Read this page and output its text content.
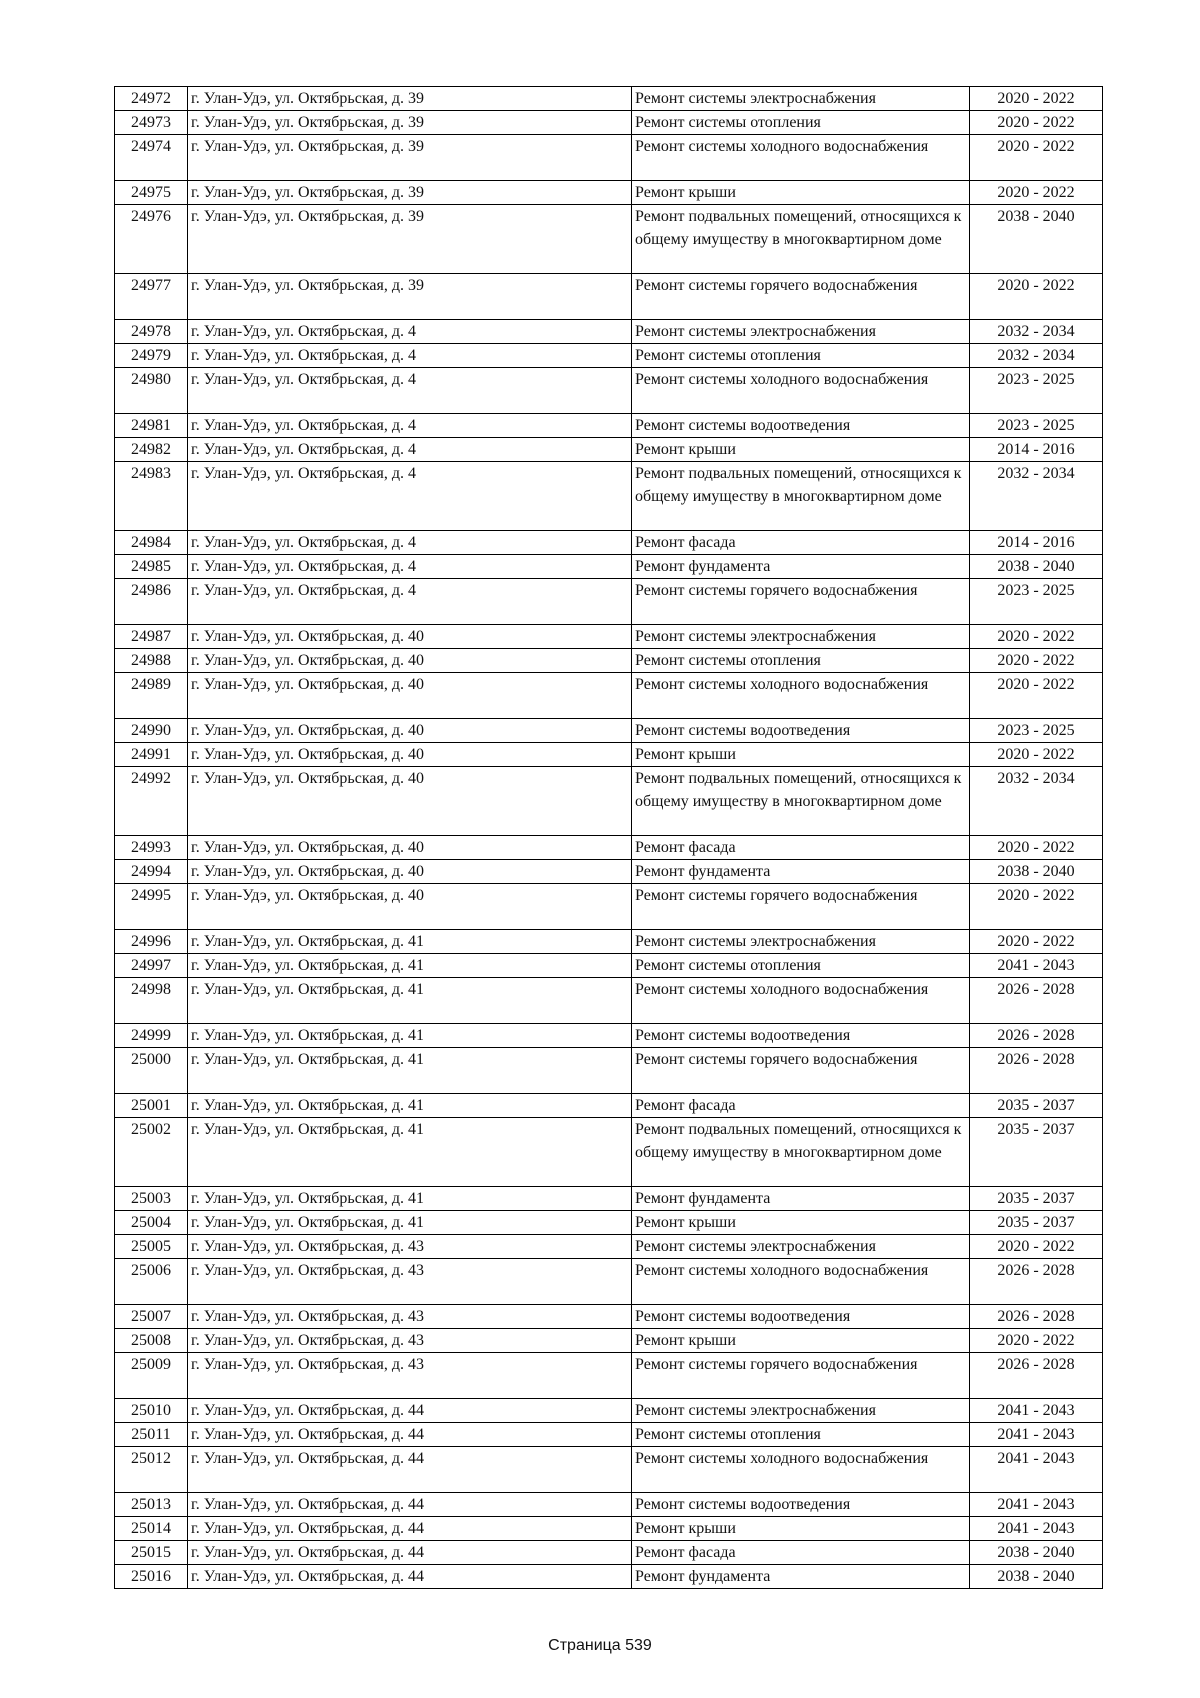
24972	г. Улан-Удэ, ул. Октябрьская, д. 39	Ремонт системы электроснабжения	2020 - 2022
24973	г. Улан-Удэ, ул. Октябрьская, д. 39	Ремонт системы отопления	2020 - 2022
24974	г. Улан-Удэ, ул. Октябрьская, д. 39	Ремонт системы холодного водоснабжения	2020 - 2022
24975	г. Улан-Удэ, ул. Октябрьская, д. 39	Ремонт крыши	2020 - 2022
24976	г. Улан-Удэ, ул. Октябрьская, д. 39	Ремонт подвальных помещений, относящихся к общему имуществу в многоквартирном доме	2038 - 2040
24977	г. Улан-Удэ, ул. Октябрьская, д. 39	Ремонт системы горячего водоснабжения	2020 - 2022
24978	г. Улан-Удэ, ул. Октябрьская, д. 4	Ремонт системы электроснабжения	2032 - 2034
24979	г. Улан-Удэ, ул. Октябрьская, д. 4	Ремонт системы отопления	2032 - 2034
24980	г. Улан-Удэ, ул. Октябрьская, д. 4	Ремонт системы холодного водоснабжения	2023 - 2025
24981	г. Улан-Удэ, ул. Октябрьская, д. 4	Ремонт системы водоотведения	2023 - 2025
24982	г. Улан-Удэ, ул. Октябрьская, д. 4	Ремонт крыши	2014 - 2016
24983	г. Улан-Удэ, ул. Октябрьская, д. 4	Ремонт подвальных помещений, относящихся к общему имуществу в многоквартирном доме	2032 - 2034
24984	г. Улан-Удэ, ул. Октябрьская, д. 4	Ремонт фасада	2014 - 2016
24985	г. Улан-Удэ, ул. Октябрьская, д. 4	Ремонт фундамента	2038 - 2040
24986	г. Улан-Удэ, ул. Октябрьская, д. 4	Ремонт системы горячего водоснабжения	2023 - 2025
24987	г. Улан-Удэ, ул. Октябрьская, д. 40	Ремонт системы электроснабжения	2020 - 2022
24988	г. Улан-Удэ, ул. Октябрьская, д. 40	Ремонт системы отопления	2020 - 2022
24989	г. Улан-Удэ, ул. Октябрьская, д. 40	Ремонт системы холодного водоснабжения	2020 - 2022
24990	г. Улан-Удэ, ул. Октябрьская, д. 40	Ремонт системы водоотведения	2023 - 2025
24991	г. Улан-Удэ, ул. Октябрьская, д. 40	Ремонт крыши	2020 - 2022
24992	г. Улан-Удэ, ул. Октябрьская, д. 40	Ремонт подвальных помещений, относящихся к общему имуществу в многоквартирном доме	2032 - 2034
24993	г. Улан-Удэ, ул. Октябрьская, д. 40	Ремонт фасада	2020 - 2022
24994	г. Улан-Удэ, ул. Октябрьская, д. 40	Ремонт фундамента	2038 - 2040
24995	г. Улан-Удэ, ул. Октябрьская, д. 40	Ремонт системы горячего водоснабжения	2020 - 2022
24996	г. Улан-Удэ, ул. Октябрьская, д. 41	Ремонт системы электроснабжения	2020 - 2022
24997	г. Улан-Удэ, ул. Октябрьская, д. 41	Ремонт системы отопления	2041 - 2043
24998	г. Улан-Удэ, ул. Октябрьская, д. 41	Ремонт системы холодного водоснабжения	2026 - 2028
24999	г. Улан-Удэ, ул. Октябрьская, д. 41	Ремонт системы водоотведения	2026 - 2028
25000	г. Улан-Удэ, ул. Октябрьская, д. 41	Ремонт системы горячего водоснабжения	2026 - 2028
25001	г. Улан-Удэ, ул. Октябрьская, д. 41	Ремонт фасада	2035 - 2037
25002	г. Улан-Удэ, ул. Октябрьская, д. 41	Ремонт подвальных помещений, относящихся к общему имуществу в многоквартирном доме	2035 - 2037
25003	г. Улан-Удэ, ул. Октябрьская, д. 41	Ремонт фундамента	2035 - 2037
25004	г. Улан-Удэ, ул. Октябрьская, д. 41	Ремонт крыши	2035 - 2037
25005	г. Улан-Удэ, ул. Октябрьская, д. 43	Ремонт системы электроснабжения	2020 - 2022
25006	г. Улан-Удэ, ул. Октябрьская, д. 43	Ремонт системы холодного водоснабжения	2026 - 2028
25007	г. Улан-Удэ, ул. Октябрьская, д. 43	Ремонт системы водоотведения	2026 - 2028
25008	г. Улан-Удэ, ул. Октябрьская, д. 43	Ремонт крыши	2020 - 2022
25009	г. Улан-Удэ, ул. Октябрьская, д. 43	Ремонт системы горячего водоснабжения	2026 - 2028
25010	г. Улан-Удэ, ул. Октябрьская, д. 44	Ремонт системы электроснабжения	2041 - 2043
25011	г. Улан-Удэ, ул. Октябрьская, д. 44	Ремонт системы отопления	2041 - 2043
25012	г. Улан-Удэ, ул. Октябрьская, д. 44	Ремонт системы холодного водоснабжения	2041 - 2043
25013	г. Улан-Удэ, ул. Октябрьская, д. 44	Ремонт системы водоотведения	2041 - 2043
25014	г. Улан-Удэ, ул. Октябрьская, д. 44	Ремонт крыши	2041 - 2043
25015	г. Улан-Удэ, ул. Октябрьская, д. 44	Ремонт фасада	2038 - 2040
25016	г. Улан-Удэ, ул. Октябрьская, д. 44	Ремонт фундамента	2038 - 2040
Страница 539
